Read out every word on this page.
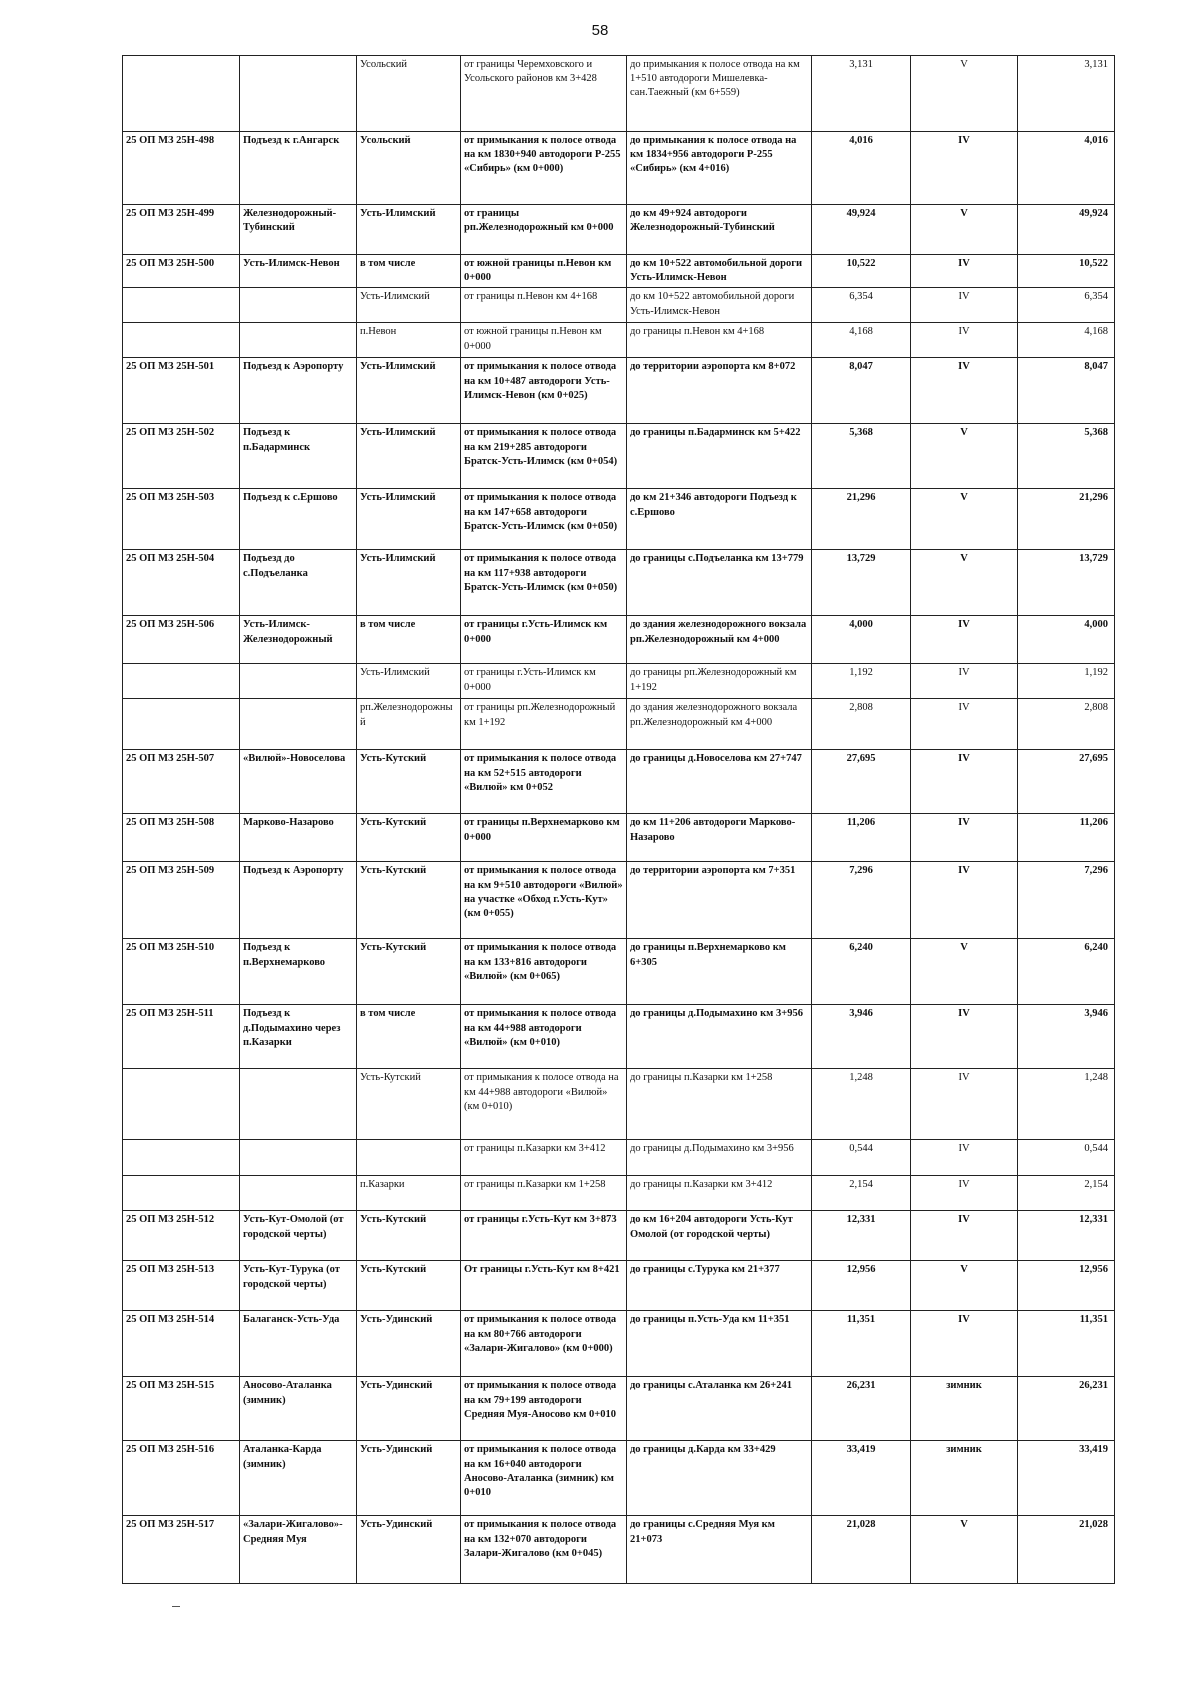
58
		Усольский	от границы Черемховского и Усольского районов км 3+428	до примыкания к полосе отвода на км 1+510 автодороги Мишелевка-сан.Таежный (км 6+559)	3,131	V	3,131
25 ОП МЗ 25Н-498	Подъезд к г.Ангарск	Усольский	от примыкания к полосе отвода на км 1830+940 автодороги Р-255 «Сибирь» (км 0+000)	до примыкания к полосе отвода на км 1834+956 автодороги Р-255 «Сибирь» (км 4+016)	4,016	IV	4,016
25 ОП МЗ 25Н-499	Железнодорожный-Тубинский	Усть-Илимский	от границы рп.Железнодорожный км 0+000	до км 49+924 автодороги Железнодорожный-Тубинский	49,924	V	49,924
25 ОП МЗ 25Н-500	Усть-Илимск-Невон	в том числе	от южной границы п.Невон км 0+000	до км 10+522 автомобильной дороги Усть-Илимск-Невон	10,522	IV	10,522
		Усть-Илимский	от границы п.Невон км 4+168	до км 10+522 автомобильной дороги Усть-Илимск-Невон	6,354	IV	6,354
		п.Невон	от южной границы п.Невон км 0+000	до границы п.Невон км 4+168	4,168	IV	4,168
25 ОП МЗ 25Н-501	Подъезд к Аэропорту	Усть-Илимский	от примыкания к полосе отвода на км 10+487 автодороги Усть-Илимск-Невон (км 0+025)	до территории аэропорта км 8+072	8,047	IV	8,047
25 ОП МЗ 25Н-502	Подъезд к п.Бадарминск	Усть-Илимский	от примыкания к полосе отвода на км 219+285 автодороги Братск-Усть-Илимск (км 0+054)	до границы п.Бадарминск км 5+422	5,368	V	5,368
25 ОП МЗ 25Н-503	Подъезд к с.Ершово	Усть-Илимский	от примыкания к полосе отвода на км 147+658 автодороги Братск-Усть-Илимск (км 0+050)	до км 21+346 автодороги Подъезд к с.Ершово	21,296	V	21,296
25 ОП МЗ 25Н-504	Подъезд до с.Подъеланка	Усть-Илимский	от примыкания к полосе отвода на км 117+938 автодороги Братск-Усть-Илимск (км 0+050)	до границы с.Подъеланка км 13+779	13,729	V	13,729
25 ОП МЗ 25Н-506	Усть-Илимск-Железнодорожный	в том числе	от границы г.Усть-Илимск км 0+000	до здания железнодорожного вокзала рп.Железнодорожный км 4+000	4,000	IV	4,000
		Усть-Илимский	от границы г.Усть-Илимск км 0+000	до границы рп.Железнодорожный км 1+192	1,192	IV	1,192
		рп.Железнодорожный	от границы рп.Железнодорожный км 1+192	до здания железнодорожного вокзала рп.Железнодорожный км 4+000	2,808	IV	2,808
25 ОП МЗ 25Н-507	«Вилюй»-Новоселова	Усть-Кутский	от примыкания к полосе отвода на км 52+515 автодороги «Вилюй» км 0+052	до границы д.Новоселова км 27+747	27,695	IV	27,695
25 ОП МЗ 25Н-508	Марково-Назарово	Усть-Кутский	от границы п.Верхнемарково км 0+000	до км 11+206 автодороги Марково-Назарово	11,206	IV	11,206
25 ОП МЗ 25Н-509	Подъезд к Аэропорту	Усть-Кутский	от примыкания к полосе отвода на км 9+510 автодороги «Вилюй» на участке «Обход г.Усть-Кут» (км 0+055)	до территории аэропорта км 7+351	7,296	IV	7,296
25 ОП МЗ 25Н-510	Подъезд к п.Верхнемарково	Усть-Кутский	от примыкания к полосе отвода на км 133+816 автодороги «Вилюй» (км 0+065)	до границы п.Верхнемарково км 6+305	6,240	V	6,240
25 ОП МЗ 25Н-511	Подъезд к д.Подымахино через п.Казарки	в том числе	от примыкания к полосе отвода на км 44+988 автодороги «Вилюй» (км 0+010)	до границы д.Подымахино км 3+956	3,946	IV	3,946
		Усть-Кутский	от примыкания к полосе отвода на км 44+988 автодороги «Вилюй» (км 0+010)	до границы п.Казарки км 1+258	1,248	IV	1,248
			от границы п.Казарки км 3+412	до границы д.Подымахино км 3+956	0,544	IV	0,544
		п.Казарки	от границы п.Казарки км 1+258	до границы п.Казарки км 3+412	2,154	IV	2,154
25 ОП МЗ 25Н-512	Усть-Кут-Омолой (от городской черты)	Усть-Кутский	от границы г.Усть-Кут км 3+873	до км 16+204 автодороги Усть-Кут Омолой (от городской черты)	12,331	IV	12,331
25 ОП МЗ 25Н-513	Усть-Кут-Турука (от городской черты)	Усть-Кутский	От границы г.Усть-Кут км 8+421	до границы с.Турука км 21+377	12,956	V	12,956
25 ОП МЗ 25Н-514	Балаганск-Усть-Уда	Усть-Удинский	от примыкания к полосе отвода на км 80+766 автодороги «Залари-Жигалово» (км 0+000)	до границы п.Усть-Уда км 11+351	11,351	IV	11,351
25 ОП МЗ 25Н-515	Аносово-Аталанка (зимник)	Усть-Удинский	от примыкания к полосе отвода на км 79+199 автодороги Средняя Муя-Аносово км 0+010	до границы с.Аталанка км 26+241	26,231	зимник	26,231
25 ОП МЗ 25Н-516	Аталанка-Карда (зимник)	Усть-Удинский	от примыкания к полосе отвода на км 16+040 автодороги Аносово-Аталанка (зимник) км 0+010	до границы д.Карда км 33+429	33,419	зимник	33,419
25 ОП МЗ 25Н-517	«Залари-Жигалово»-Средняя Муя	Усть-Удинский	от примыкания к полосе отвода на км 132+070 автодороги Залари-Жигалово (км 0+045)	до границы с.Средняя Муя км 21+073	21,028	V	21,028
